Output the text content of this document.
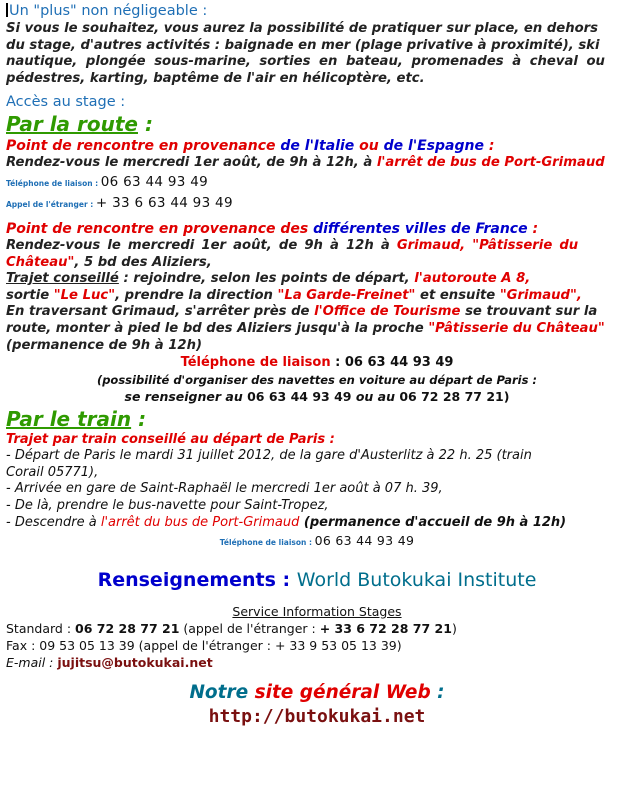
Un "plus" non négligeable :
Si vous le souhaitez, vous aurez la possibilité de pratiquer sur place, en dehors
du stage, d'autres activités : baignade en mer (plage privative à proximité), ski
nautique, plongée sous-marine, sorties en bateau, promenades à cheval ou
pédestres, karting, baptême de l'air en hélicoptère, etc.
Accès au stage :
Par la route :
Point de rencontre en provenance de l'Italie ou de l'Espagne :
Rendez-vous le mercredi 1er août, de 9h à 12h, à l'arrêt de bus de Port-Grimaud
Téléphone de liaison : 06 63 44 93 49
Appel de l'étranger : + 33 6 63 44 93 49
Point de rencontre en provenance des différentes villes de France :
Rendez-vous le mercredi 1er août, de 9h à 12h à Grimaud, "Pâtisserie du
Château", 5 bd des Aliziers,
Trajet conseillé : rejoindre, selon les points de départ, l'autoroute A 8,
sortie "Le Luc", prendre la direction "La Garde-Freinet" et ensuite "Grimaud",
En traversant Grimaud, s'arrêter près de l'Office de Tourisme se trouvant sur la
route, monter à pied le bd des Aliziers jusqu'à la proche "Pâtisserie du Château"
(permanence de 9h à 12h)
Téléphone de liaison : 06 63 44 93 49
(possibilité d'organiser des navettes en voiture au départ de Paris :
se renseigner au 06 63 44 93 49 ou au 06 72 28 77 21)
Par le train :
Trajet par train conseillé au départ de Paris :
- Départ de Paris le mardi 31 juillet 2012, de la gare d'Austerlitz à 22 h. 25 (train
Corail 05771),
- Arrivée en gare de Saint-Raphaël le mercredi 1er août à 07 h. 39,
- De là, prendre le bus-navette pour Saint-Tropez,
- Descendre à l'arrêt du bus de Port-Grimaud (permanence d'accueil de 9h à 12h)
Téléphone de liaison : 06 63 44 93 49
Renseignements : World Butokukai Institute
Service Information Stages
Standard : 06 72 28 77 21 (appel de l'étranger : + 33 6 72 28 77 21)
Fax : 09 53 05 13 39 (appel de l'étranger : + 33 9 53 05 13 39)
E-mail : jujitsu@butokukai.net
Notre site général Web :
http://butokukai.net
